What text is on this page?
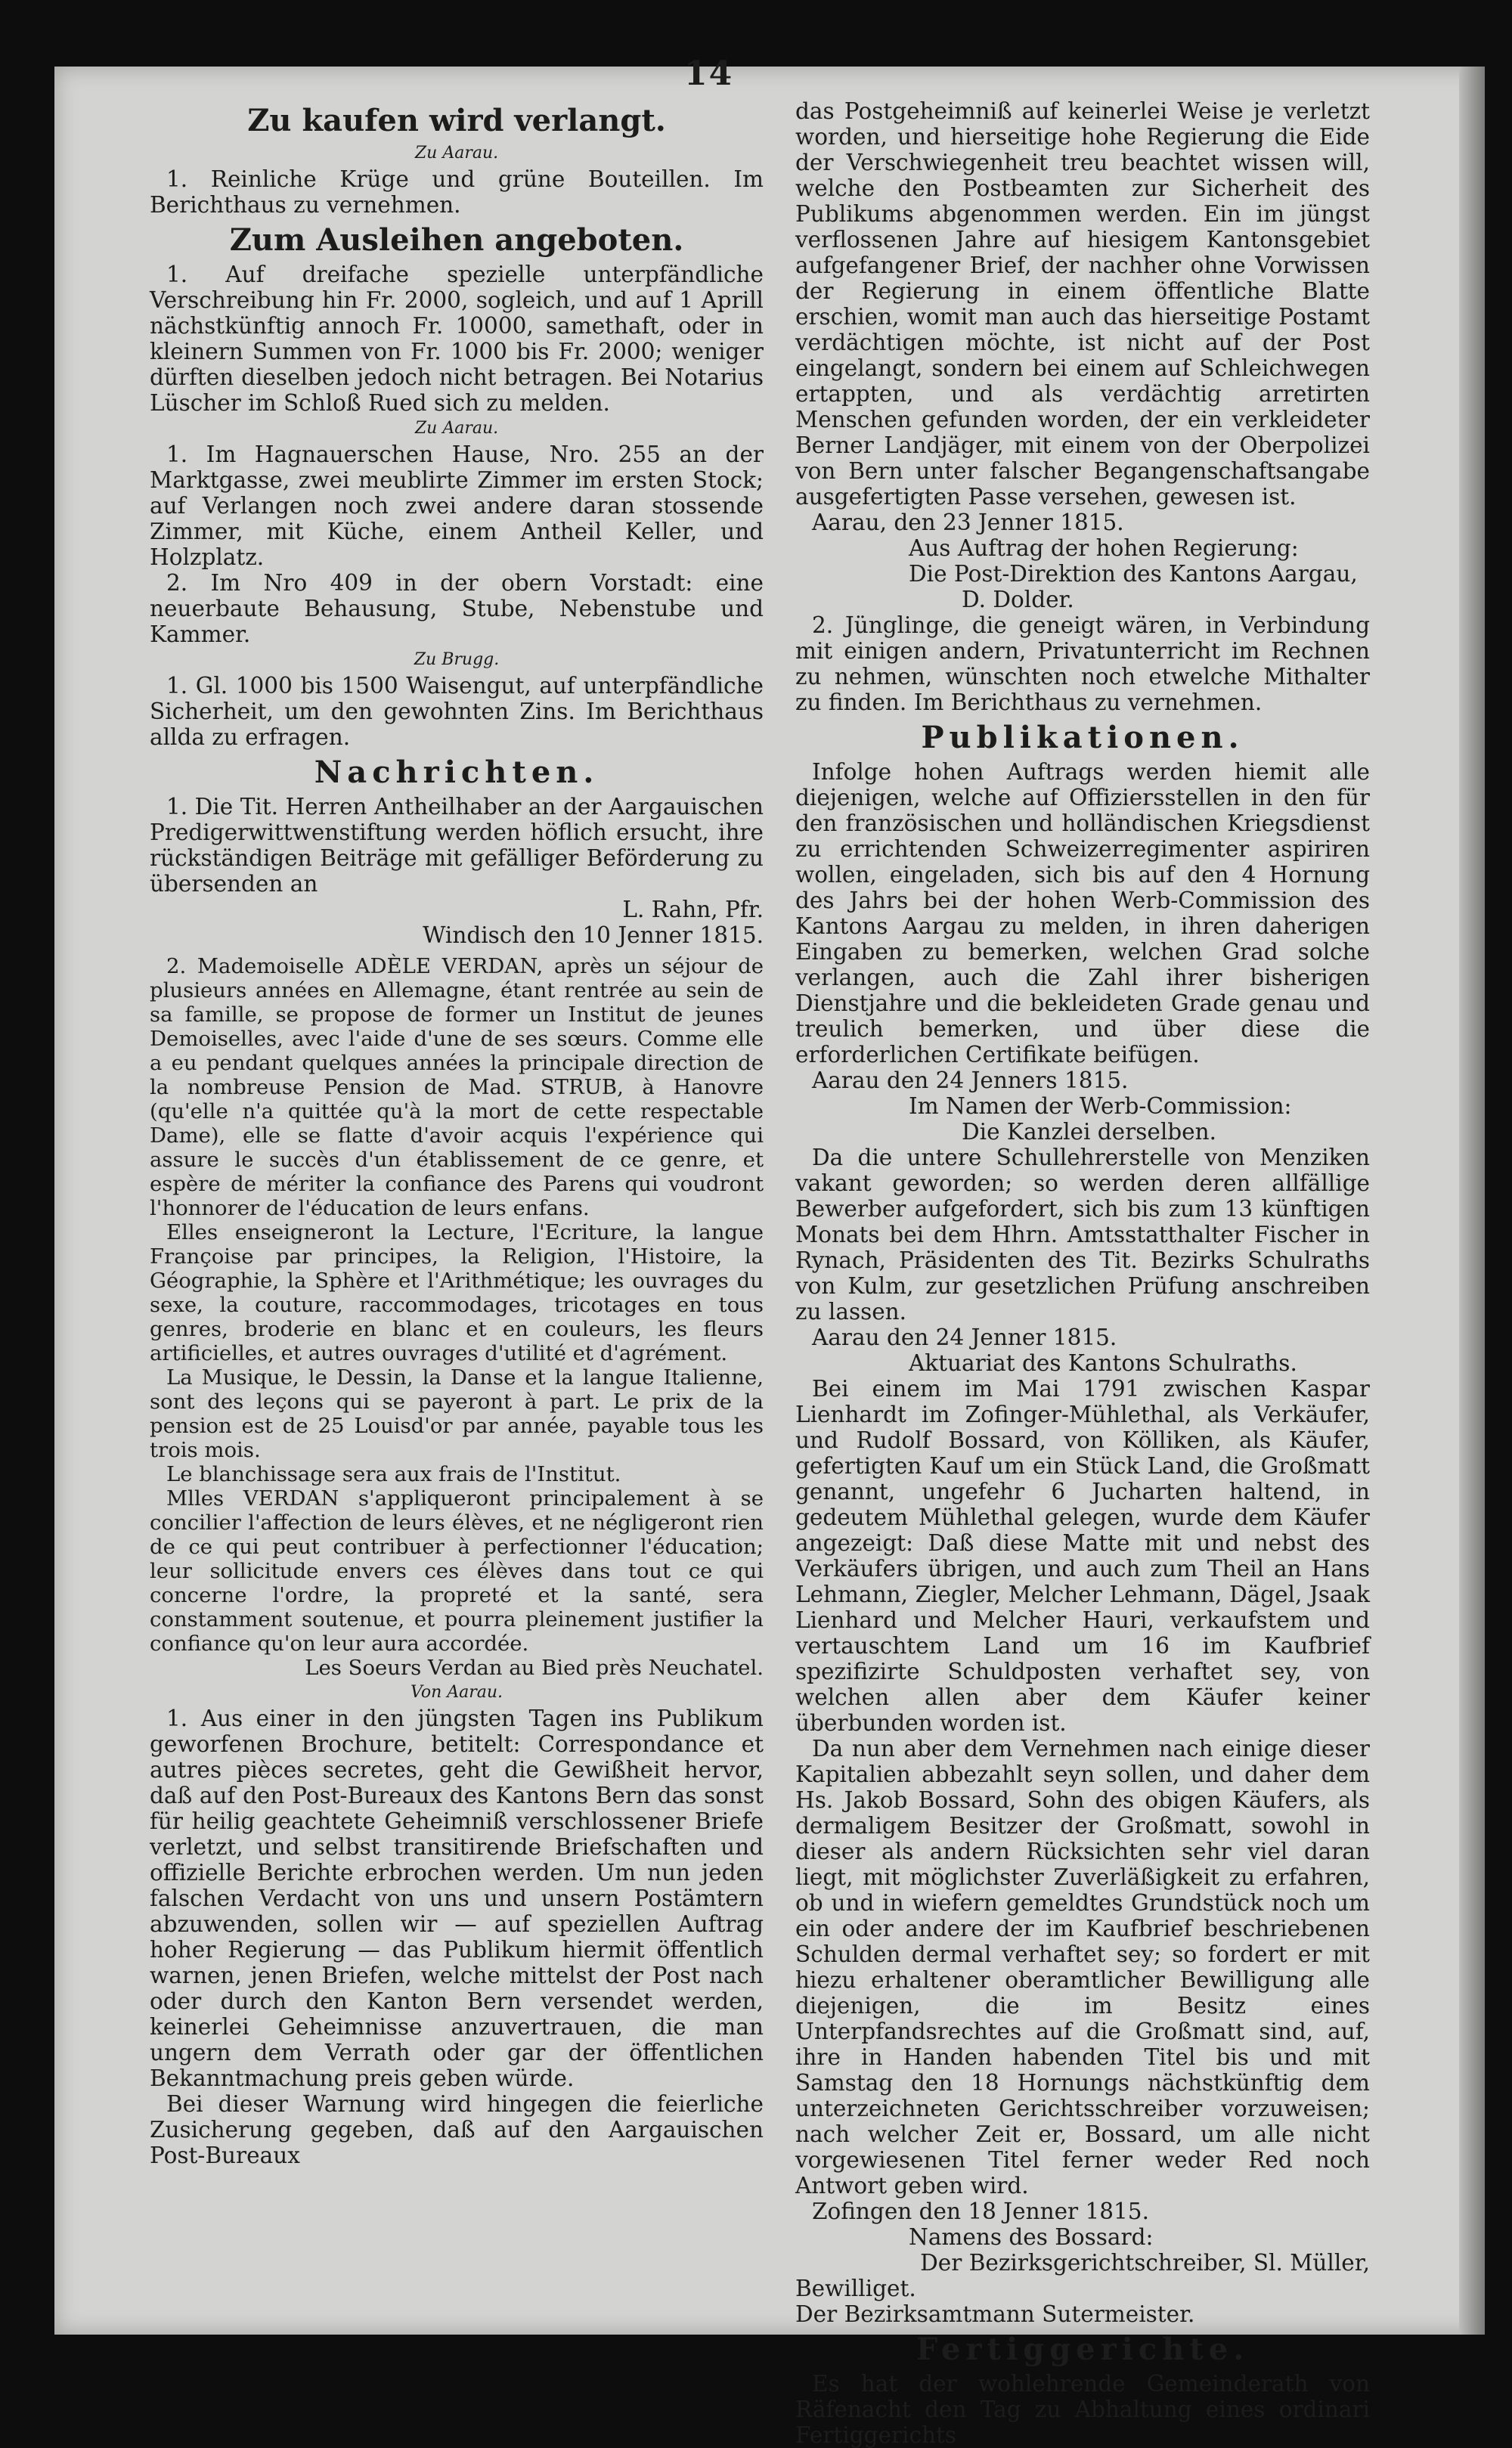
14
Zu kaufen wird verlangt.
Zu Aarau.

1. Reinliche Krüge und grüne Bouteillen. Im Berichthaus zu vernehmen.

Zum Ausleihen angeboten.

1. Auf dreifache spezielle unterpfändliche Verschreibung hin Fr. 2000, sogleich, und auf 1 Aprill nächstkünftig annoch Fr. 10000, samethaft, oder in kleinern Summen von Fr. 1000 bis Fr. 2000; weniger dürften dieselben jedoch nicht betragen. Bei Notarius Lüscher im Schloß Rued sich zu melden.

Zu Aarau.

1. Im Hagnauerschen Hause, Nro. 255 an der Marktgasse, zwei meublirte Zimmer im ersten Stock; auf Verlangen noch zwei andere daran stossende Zimmer, mit Küche, einem Antheil Keller, und Holzplatz.

2. Im Nro 409 in der obern Vorstadt: eine neuerbaute Behausung, Stube, Nebenstube und Kammer.

Zu Brugg.

1. Gl. 1000 bis 1500 Waisengut, auf unterpfändliche Sicherheit, um den gewohnten Zins. Im Berichthaus allda zu erfragen.

Nachrichten.

1. Die Tit. Herren Antheilhaber an der Aargauischen Predigerwittwenstiftung werden höflich ersucht, ihre rückständigen Beiträge mit gefälliger Beförderung zu übersenden an

L. Rahn, Pfr.

Windisch den 10 Jenner 1815.

2. Mademoiselle ADÈLE VERDAN, après un séjour de plusieurs années en Allemagne, étant rentrée au sein de sa famille, se propose de former un Institut de jeunes Demoiselles, avec l'aide d'une de ses sœurs. Comme elle a eu pendant quelques années la principale direction de la nombreuse Pension de Mad. STRUB, à Hanovre (qu'elle n'a quittée qu'à la mort de cette respectable Dame), elle se flatte d'avoir acquis l'expérience qui assure le succès d'un établissement de ce genre, et espère de mériter la confiance des Parens qui voudront l'honnorer de l'éducation de leurs enfans.

Elles enseigneront la Lecture, l'Ecriture, la langue Françoise par principes, la Religion, l'Histoire, la Géographie, la Sphère et l'Arithmétique; les ouvrages du sexe, la couture, raccommodages, tricotages en tous genres, broderie en blanc et en couleurs, les fleurs artificielles, et autres ouvrages d'utilité et d'agrément.

La Musique, le Dessin, la Danse et la langue Italienne, sont des leçons qui se payeront à part. Le prix de la pension est de 25 Louisd'or par année, payable tous les trois mois.

Le blanchissage sera aux frais de l'Institut.

Mlles VERDAN s'appliqueront principalement à se concilier l'affection de leurs élèves, et ne négligeront rien de ce qui peut contribuer à perfectionner l'éducation; leur sollicitude envers ces élèves dans tout ce qui concerne l'ordre, la propreté et la santé, sera constamment soutenue, et pourra pleinement justifier la confiance qu'on leur aura accordée.

Les Soeurs Verdan au Bied près Neuchatel.

Von Aarau.

1. Aus einer in den jüngsten Tagen ins Publikum geworfenen Brochure, betitelt: Correspondance et autres pièces secretes, geht die Gewißheit hervor, daß auf den Post-Bureaux des Kantons Bern das sonst für heilig geachtete Geheimniß verschlossener Briefe verletzt, und selbst transitirende Briefschaften und offizielle Berichte erbrochen werden. Um nun jeden falschen Verdacht von uns und unsern Postämtern abzuwenden, sollen wir — auf speziellen Auftrag hoher Regierung — das Publikum hiermit öffentlich warnen, jenen Briefen, welche mittelst der Post nach oder durch den Kanton Bern versendet werden, keinerlei Geheimnisse anzuvertrauen, die man ungern dem Verrath oder gar der öffentlichen Bekanntmachung preis geben würde.

Bei dieser Warnung wird hingegen die feierliche Zusicherung gegeben, daß auf den Aargauischen Post-Bureaux

das Postgeheimniß auf keinerlei Weise je verletzt worden, und hierseitige hohe Regierung die Eide der Verschwiegenheit treu beachtet wissen will, welche den Postbeamten zur Sicherheit des Publikums abgenommen werden. Ein im jüngst verflossenen Jahre auf hiesigem Kantonsgebiet aufgefangener Brief, der nachher ohne Vorwissen der Regierung in einem öffentliche Blatte erschien, womit man auch das hierseitige Postamt verdächtigen möchte, ist nicht auf der Post eingelangt, sondern bei einem auf Schleichwegen ertappten, und als verdächtig arretirten Menschen gefunden worden, der ein verkleideter Berner Landjäger, mit einem von der Oberpolizei von Bern unter falscher Begangenschaftsangabe ausgefertigten Passe versehen, gewesen ist.

Aarau, den 23 Jenner 1815.

Aus Auftrag der hohen Regierung:

Die Post-Direktion des Kantons Aargau,

D. Dolder.

2. Jünglinge, die geneigt wären, in Verbindung mit einigen andern, Privatunterricht im Rechnen zu nehmen, wünschten noch etwelche Mithalter zu finden. Im Berichthaus zu vernehmen.

Publikationen.

Infolge hohen Auftrags werden hiemit alle diejenigen, welche auf Offiziersstellen in den für den französischen und holländischen Kriegsdienst zu errichtenden Schweizerregimenter aspiriren wollen, eingeladen, sich bis auf den 4 Hornung des Jahrs bei der hohen Werb-Commission des Kantons Aargau zu melden, in ihren daherigen Eingaben zu bemerken, welchen Grad solche verlangen, auch die Zahl ihrer bisherigen Dienstjahre und die bekleideten Grade genau und treulich bemerken, und über diese die erforderlichen Certifikate beifügen.

Aarau den 24 Jenners 1815.

Im Namen der Werb-Commission:

Die Kanzlei derselben.

Da die untere Schullehrerstelle von Menziken vakant geworden; so werden deren allfällige Bewerber aufgefordert, sich bis zum 13 künftigen Monats bei dem Hhrn. Amtsstatthalter Fischer in Rynach, Präsidenten des Tit. Bezirks Schulraths von Kulm, zur gesetzlichen Prüfung anschreiben zu lassen.

Aarau den 24 Jenner 1815.

Aktuariat des Kantons Schulraths.

Bei einem im Mai 1791 zwischen Kaspar Lienhardt im Zofinger-Mühlethal, als Verkäufer, und Rudolf Bossard, von Kölliken, als Käufer, gefertigten Kauf um ein Stück Land, die Großmatt genannt, ungefehr 6 Jucharten haltend, in gedeutem Mühlethal gelegen, wurde dem Käufer angezeigt: Daß diese Matte mit und nebst des Verkäufers übrigen, und auch zum Theil an Hans Lehmann, Ziegler, Melcher Lehmann, Dägel, Jsaak Lienhard und Melcher Hauri, verkaufstem und vertauschtem Land um 16 im Kaufbrief spezifizirte Schuldposten verhaftet sey, von welchen allen aber dem Käufer keiner überbunden worden ist.

Da nun aber dem Vernehmen nach einige dieser Kapitalien abbezahlt seyn sollen, und daher dem Hs. Jakob Bossard, Sohn des obigen Käufers, als dermaligem Besitzer der Großmatt, sowohl in dieser als andern Rücksichten sehr viel daran liegt, mit möglichster Zuverläßigkeit zu erfahren, ob und in wiefern gemeldtes Grundstück noch um ein oder andere der im Kaufbrief beschriebenen Schulden dermal verhaftet sey; so fordert er mit hiezu erhaltener oberamtlicher Bewilligung alle diejenigen, die im Besitz eines Unterpfandsrechtes auf die Großmatt sind, auf, ihre in Handen habenden Titel bis und mit Samstag den 18 Hornungs nächstkünftig dem unterzeichneten Gerichtsschreiber vorzuweisen; nach welcher Zeit er, Bossard, um alle nicht vorgewiesenen Titel ferner weder Red noch Antwort geben wird.

Zofingen den 18 Jenner 1815.

Namens des Bossard:

Der Bezirksgerichtschreiber, Sl. Müller,

Bewilliget.

Der Bezirksamtmann Sutermeister.

Fertiggerichte.

Es hat der wohlehrende Gemeinderath von Räfenacht den Tag zu Abhaltung eines ordinari Fertiggerichts
